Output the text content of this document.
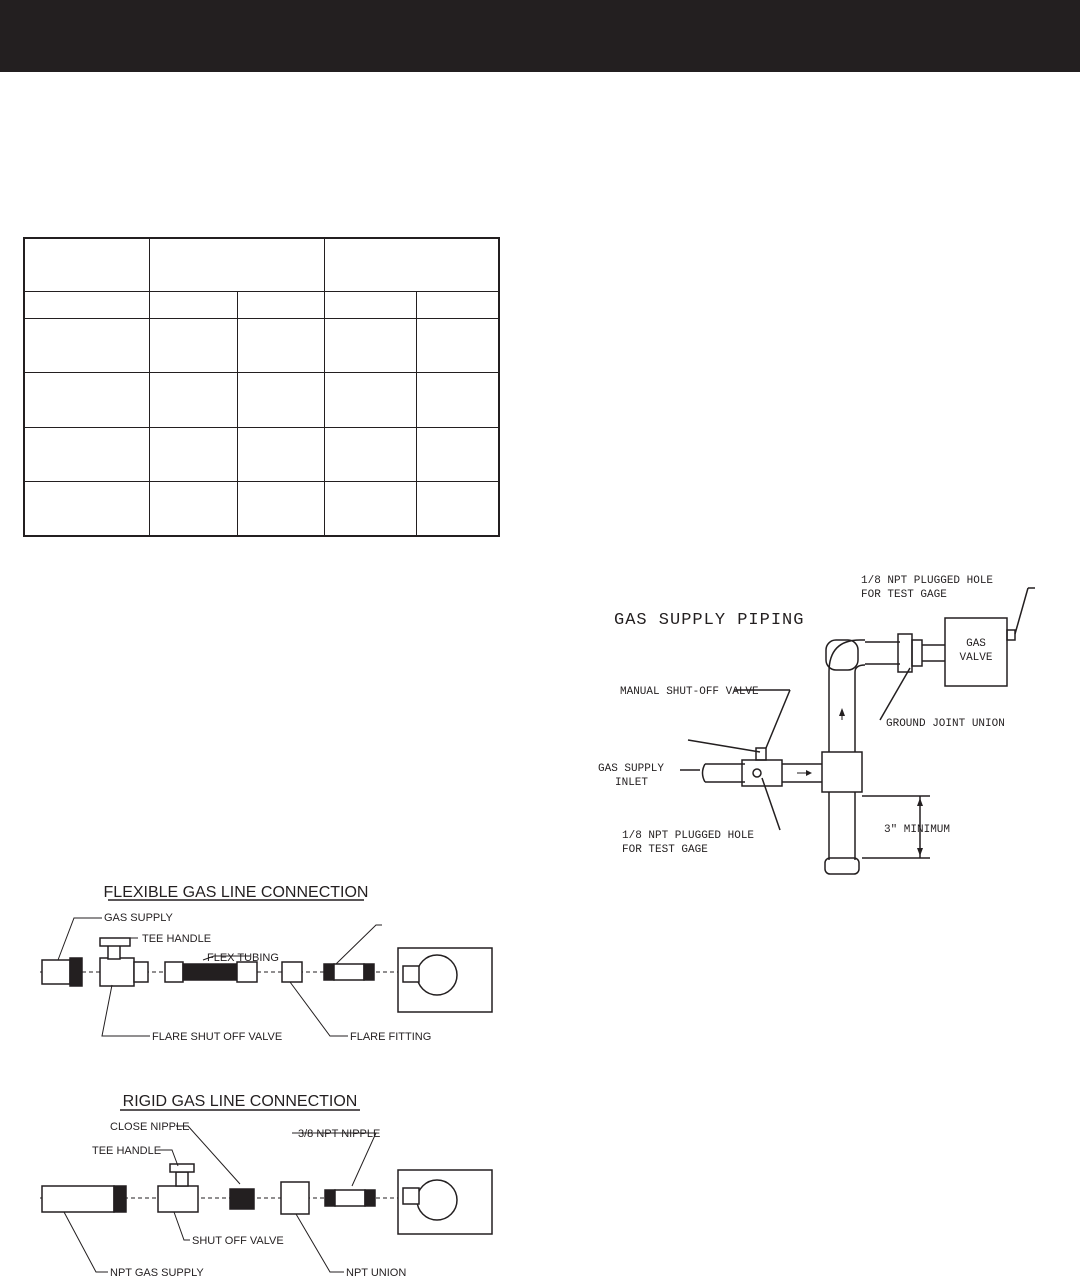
GAS SUPPLY PIPING
GAS
VALVE
1/8 NPT PLUGGED HOLE
FOR TEST GAGE
MANUAL SHUT-OFF VALVE
GROUND JOINT UNION
GAS SUPPLY
INLET
1/8 NPT PLUGGED HOLE
FOR TEST GAGE
3" MINIMUM
FLEXIBLE GAS LINE CONNECTION
GAS SUPPLY
TEE HANDLE
FLEX TUBING
FLARE SHUT OFF VALVE	FLARE FITTING
RIGID GAS LINE CONNECTION
CLOSE NIPPLE
3/8 NPT NIPPLE
TEE HANDLE
SHUT OFF VALVE
NPT GAS SUPPLY	NPT UNION
